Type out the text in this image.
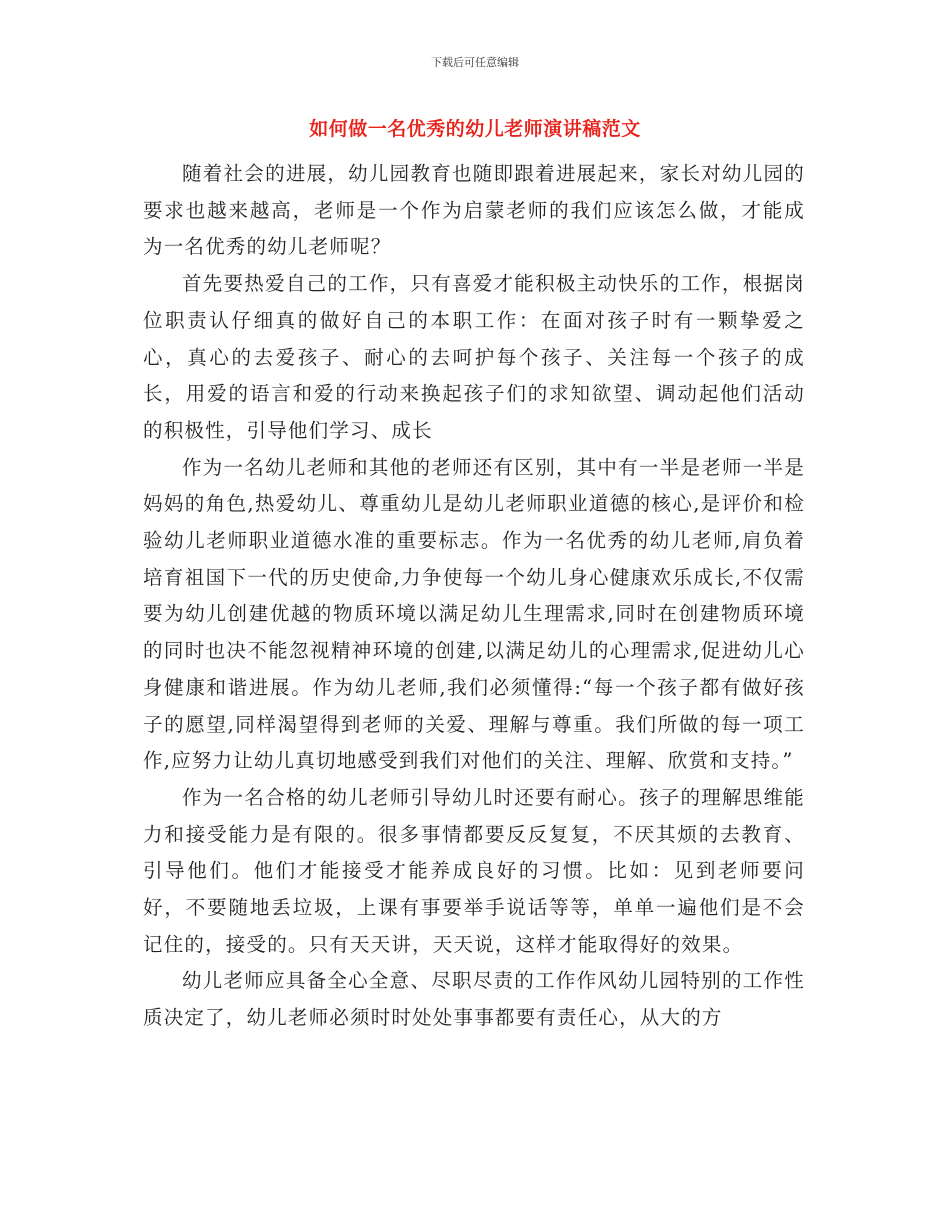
下载后可任意编辑
如何做一名优秀的幼儿老师演讲稿范文

随着社会的进展，幼儿园教育也随即跟着进展起来，家长对幼儿园的要求也越来越高，老师是一个作为启蒙老师的我们应该怎么做，才能成为一名优秀的幼儿老师呢？

首先要热爱自己的工作，只有喜爱才能积极主动快乐的工作，根据岗位职责认仔细真的做好自己的本职工作：在面对孩子时有一颗挚爱之心，真心的去爱孩子、耐心的去呵护每个孩子、关注每一个孩子的成长，用爱的语言和爱的行动来换起孩子们的求知欲望、调动起他们活动的积极性，引导他们学习、成长

作为一名幼儿老师和其他的老师还有区别，其中有一半是老师一半是妈妈的角色,热爱幼儿、尊重幼儿是幼儿老师职业道德的核心,是评价和检验幼儿老师职业道德水准的重要标志。作为一名优秀的幼儿老师,肩负着培育祖国下一代的历史使命,力争使每一个幼儿身心健康欢乐成长,不仅需要为幼儿创建优越的物质环境以满足幼儿生理需求,同时在创建物质环境的同时也决不能忽视精神环境的创建,以满足幼儿的心理需求,促进幼儿心身健康和谐进展。作为幼儿老师,我们必须懂得:“每一个孩子都有做好孩子的愿望,同样渴望得到老师的关爱、理解与尊重。我们所做的每一项工作,应努力让幼儿真切地感受到我们对他们的关注、理解、欣赏和支持。”

作为一名合格的幼儿老师引导幼儿时还要有耐心。孩子的理解思维能力和接受能力是有限的。很多事情都要反反复复，不厌其烦的去教育、引导他们。他们才能接受才能养成良好的习惯。比如：见到老师要问好，不要随地丢垃圾，上课有事要举手说话等等，单单一遍他们是不会记住的，接受的。只有天天讲，天天说，这样才能取得好的效果。

幼儿老师应具备全心全意、尽职尽责的工作作风幼儿园特别的工作性质决定了，幼儿老师必须时时处处事事都要有责任心，从大的方
